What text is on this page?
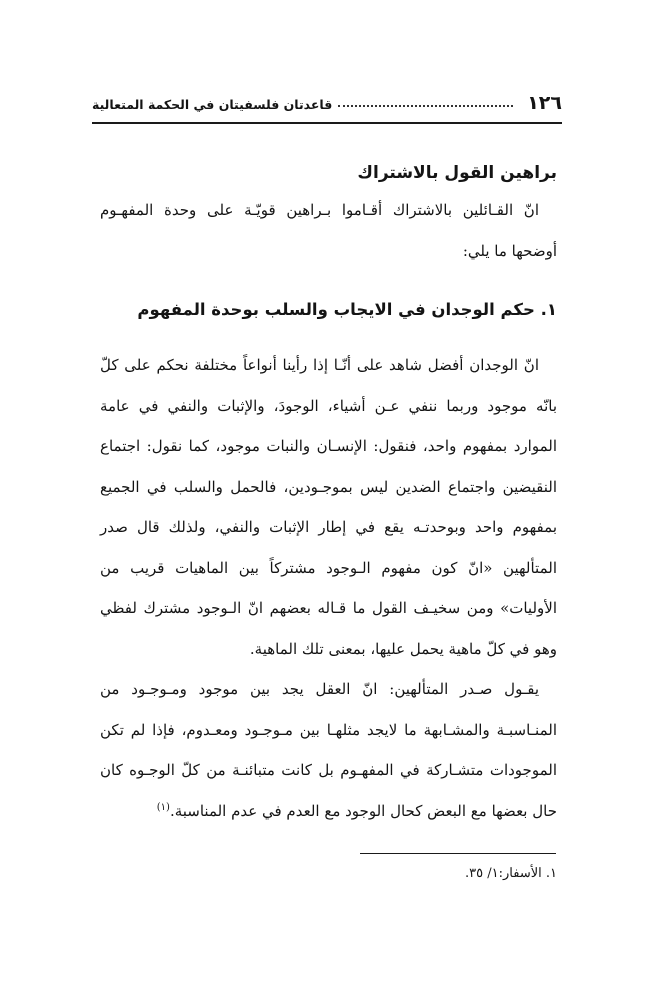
١٢٦
قاعدتان فلسفيتان في الحكمة المتعالية
براهين القول بالاشتراك

انّ القـائلين بالاشتراك أقـاموا بـراهين قويّـة على وحدة المفهـوم أوضحها ما يلي:

١. حكم الوجدان في الايجاب والسلب بوحدة المفهوم

انّ الوجدان أفضل شاهد على أنّـا إذا رأينا أنواعاً مختلفة نحكم على كلّ بانّه موجود وربما ننفي عـن أشياء، الوجودَ، والإثبات والنفي في عامة الموارد بمفهوم واحد، فنقول: الإنسـان والنبات موجود، كما نقول: اجتماع النقيضين واجتماع الضدين ليس بموجـودين، فالحمل والسلب في الجميع بمفهوم واحد وبوحدتـه يقع في إطار الإثبات والنفي، ولذلك قال صدر المتألهين «انّ كون مفهوم الـوجود مشتركاً بين الماهيات قريب من الأوليات» ومن سخيـف القول ما قـاله بعضهم انّ الـوجود مشترك لفظي وهو في كلّ ماهية يحمل عليها، بمعنى تلك الماهية.

يقـول صـدر المتألهين: انّ العقل يجد بين موجود ومـوجـود من المنـاسبـة والمشـابهة ما لايجد مثلهـا بين مـوجـود ومعـدوم، فإذا لم تكن الموجودات متشـاركة في المفهـوم بل كانت متبائنـة من كلّ الوجـوه كان حال بعضها مع البعض كحال الوجود مع العدم في عدم المناسبة.$^{(١)}$

١. الأسفار:١/ ٣٥.
